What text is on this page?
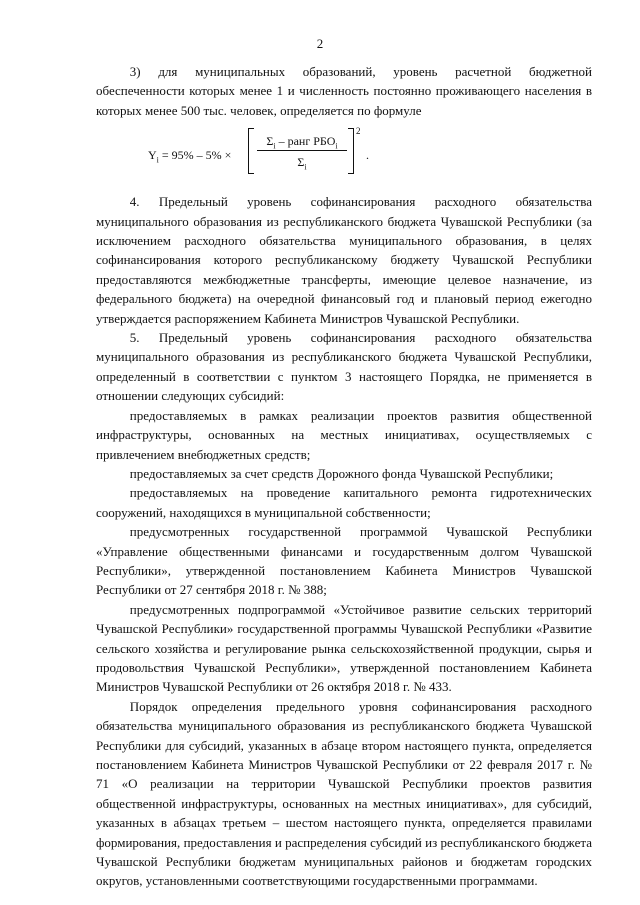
2

3) для муниципальных образований, уровень расчетной бюджетной обеспеченности которых менее 1 и численность постоянно проживающего населения в которых менее 500 тыс. человек, определяется по формуле

$Y_i = 95\% - 5\%$ ×
$\Sigma_i$ – ранг $РБО_i$
$\Sigma_i$
2
.

4. Предельный уровень софинансирования расходного обязательства муниципального образования из республиканского бюджета Чувашской Республики (за исключением расходного обязательства муниципального образования, в целях софинансирования которого республиканскому бюджету Чувашской Республики предоставляются межбюджетные трансферты, имеющие целевое назначение, из федерального бюджета) на очередной финансовый год и плановый период ежегодно утверждается распоряжением Кабинета Министров Чувашской Республики.

5. Предельный уровень софинансирования расходного обязательства муниципального образования из республиканского бюджета Чувашской Республики, определенный в соответствии с пунктом 3 настоящего Порядка, не применяется в отношении следующих субсидий:

предоставляемых в рамках реализации проектов развития общественной инфраструктуры, основанных на местных инициативах, осуществляемых с привлечением внебюджетных средств;

предоставляемых за счет средств Дорожного фонда Чувашской Республики;

предоставляемых на проведение капитального ремонта гидротехнических сооружений, находящихся в муниципальной собственности;

предусмотренных государственной программой Чувашской Республики «Управление общественными финансами и государственным долгом Чувашской Республики», утвержденной постановлением Кабинета Министров Чувашской Республики от 27 сентября 2018 г. № 388;

предусмотренных подпрограммой «Устойчивое развитие сельских территорий Чувашской Республики» государственной программы Чувашской Республики «Развитие сельского хозяйства и регулирование рынка сельскохозяйственной продукции, сырья и продовольствия Чувашской Республики», утвержденной постановлением Кабинета Министров Чувашской Республики от 26 октября 2018 г. № 433.

Порядок определения предельного уровня софинансирования расходного обязательства муниципального образования из республиканского бюджета Чувашской Республики для субсидий, указанных в абзаце втором настоящего пункта, определяется постановлением Кабинета Министров Чувашской Республики от 22 февраля 2017 г. № 71 «О реализации на территории Чувашской Республики проектов развития общественной инфраструктуры, основанных на местных инициативах», для субсидий, указанных в абзацах третьем – шестом настоящего пункта, определяется правилами формирования, предоставления и распределения субсидий из республиканского бюджета Чувашской Республики бюджетам муниципальных районов и бюджетам городских округов, установленными соответствующими государственными программами.
